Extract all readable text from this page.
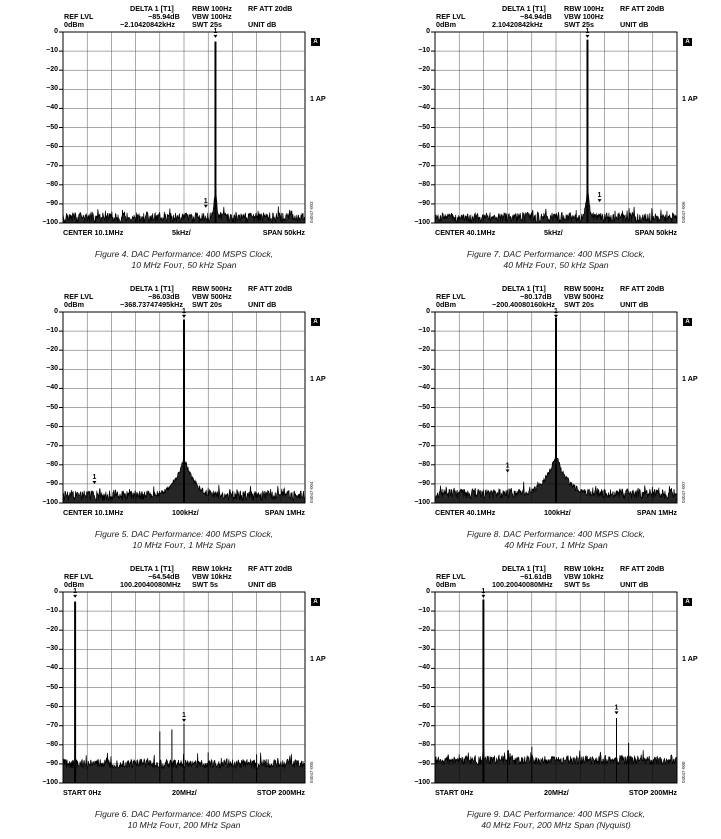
REF LVL
0dBm
DELTA 1 [T1]
−85.94dB
−2.10420842kHz
RBW 100Hz
VBW 100Hz
SWT 25s
RF ATT 20dB
UNIT dB
0
−10
−20
−30
−40
−50
−60
−70
−80
−90
−100
1
1
A
1 AP
04047-003
CENTER 10.1MHz	5kHz/	SPAN 50kHz
Figure 4. DAC Performance: 400 MSPS Clock,
10 MHz Fᴏᴜᴛ, 50 kHz Span
REF LVL
0dBm
DELTA 1 [T1]
−84.94dB
2.10420842kHz
RBW 100Hz
VBW 100Hz
SWT 25s
RF ATT 20dB
UNIT dB
0
−10
−20
−30
−40
−50
−60
−70
−80
−90
−100
1
1
A
1 AP
04047-006
CENTER 40.1MHz	5kHz/	SPAN 50kHz
Figure 7. DAC Performance: 400 MSPS Clock,
40 MHz Fᴏᴜᴛ, 50 kHz Span
REF LVL
0dBm
DELTA 1 [T1]
−86.03dB
−368.73747495kHz
RBW 500Hz
VBW 500Hz
SWT 20s
RF ATT 20dB
UNIT dB
0
−10
−20
−30
−40
−50
−60
−70
−80
−90
−100
1
1
A
1 AP
04047-004
CENTER 10.1MHz	100kHz/	SPAN 1MHz
Figure 5. DAC Performance: 400 MSPS Clock,
10 MHz Fᴏᴜᴛ, 1 MHz Span
REF LVL
0dBm
DELTA 1 [T1]
−80.17dB
−200.40080160kHz
RBW 500Hz
VBW 500Hz
SWT 20s
RF ATT 20dB
UNIT dB
0
−10
−20
−30
−40
−50
−60
−70
−80
−90
−100
1
1
A
1 AP
04047-007
CENTER 40.1MHz	100kHz/	SPAN 1MHz
Figure 8. DAC Performance: 400 MSPS Clock,
40 MHz Fᴏᴜᴛ, 1 MHz Span
REF LVL
0dBm
DELTA 1 [T1]
−64.54dB
100.20040080MHz
RBW 10kHz
VBW 10kHz
SWT 5s
RF ATT 20dB
UNIT dB
0
−10
−20
−30
−40
−50
−60
−70
−80
−90
−100
1
1
A
1 AP
04047-005
START 0Hz	20MHz/	STOP 200MHz
Figure 6. DAC Performance: 400 MSPS Clock,
10 MHz Fᴏᴜᴛ, 200 MHz Span
REF LVL
0dBm
DELTA 1 [T1]
−61.61dB
100.20040080MHz
RBW 10kHz
VBW 10kHz
SWT 5s
RF ATT 20dB
UNIT dB
0
−10
−20
−30
−40
−50
−60
−70
−80
−90
−100
1
1
A
1 AP
04047-008
START 0Hz	20MHz/	STOP 200MHz
Figure 9. DAC Performance: 400 MSPS Clock,
40 MHz Fᴏᴜᴛ, 200 MHz Span (Nyquist)
